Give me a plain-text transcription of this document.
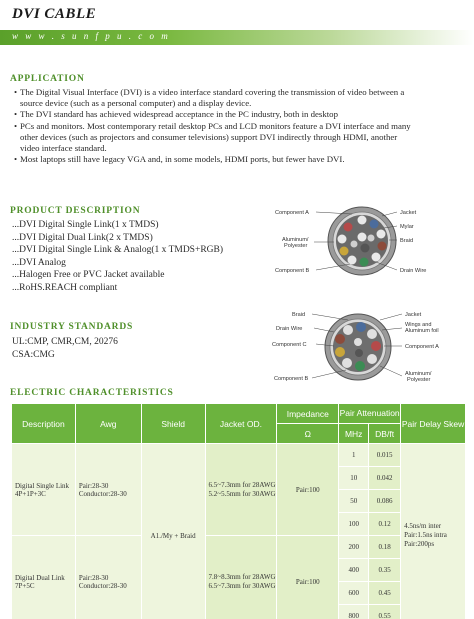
DVI CABLE
w w w . s u n f p u . c o m
APPLICATION
• The Digital Visual Interface (DVI) is a video interface standard covering the transmission of video between a source device (such as a personal computer) and a display device.
• The DVI standard has achieved widespread acceptance in the PC industry, both in desktop
• PCs and monitors. Most contemporary retail desktop PCs and LCD monitors feature a DVI interface and many other devices (such as projectors and consumer televisions) support DVI indirectly through HDMI, another video interface standard.
• Most laptops still have legacy VGA and, in some models, HDMI ports, but fewer have DVI.
PRODUCT DESCRIPTION
...DVI Digital Single Link(1 x TMDS)
...DVI Digital Dual Link(2 x TMDS)
...DVI Digital Single Link & Analog(1 x TMDS+RGB)
...DVI Analog
...Halogen Free or PVC Jacket available
...RoHS.REACH compliant
INDUSTRY STANDARDS
UL:CMP, CMR,CM, 20276
CSA:CMG
Component A	Jacket
Mylar
Braid
Aluminum/
Polyester
Component B	Drain Wire
Braid	Jacket
Drain Wire
Wings and
Aluminum foil
Component C	Component A
Component B
Aluminum/
Polyester
ELECTRIC CHARACTERISTICS
Description	Awg	Shield	Jacket OD.	Impedance	Pair Attenuation		Pair Delay Skew
				Ω	MHz	DB/ft	
Digital Single Link 4P+1P+3C	Pair:28-30 Conductor:28-30	A1./My + Braid	6.5~7.3mm for 28AWG 5.2~5.5mm for 30AWG	Pair:100	1	0.015	4.5ns/m inter Pair:1.5ns intra Pair:200ps
					10	0.042	
					50	0.086	
					100	0.12	
Digital Dual Link 7P+5C	Pair:28-30 Conductor:28-30		7.8~8.3mm for 28AWG 6.5~7.3mm for 30AWG	Pair:100	200	0.18	
					400	0.35	
					600	0.45	
					800	0.55	
